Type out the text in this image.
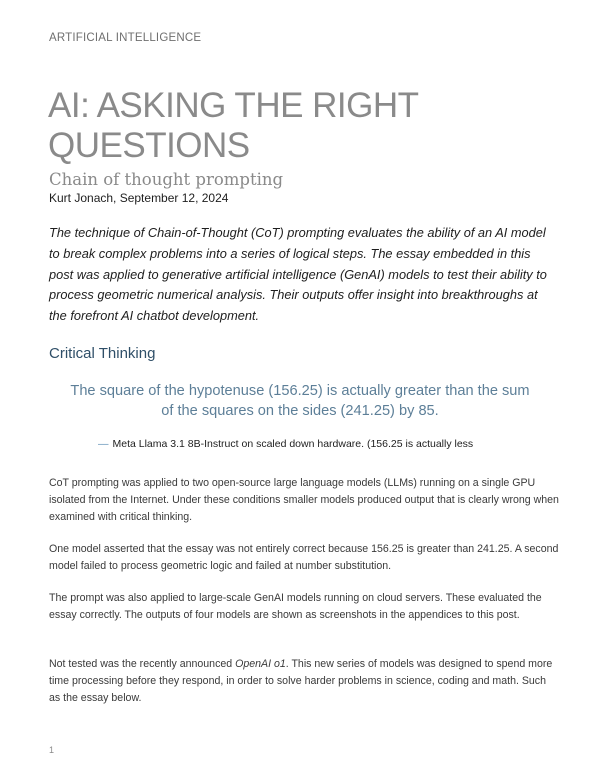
ARTIFICIAL INTELLIGENCE
AI: ASKING THE RIGHT QUESTIONS
Chain of thought prompting
Kurt Jonach, September 12, 2024
The technique of Chain-of-Thought (CoT) prompting evaluates the ability of an AI model to break complex problems into a series of logical steps. The essay embedded in this post was applied to generative artificial intelligence (GenAI) models to test their ability to process geometric numerical analysis. Their outputs offer insight into breakthroughs at the forefront AI chatbot development.
Critical Thinking
The square of the hypotenuse (156.25) is actually greater than the sum of the squares on the sides (241.25) by 85.
— Meta Llama 3.1 8B-Instruct on scaled down hardware. (156.25 is actually less
CoT prompting was applied to two open-source large language models (LLMs) running on a single GPU isolated from the Internet. Under these conditions smaller models produced output that is clearly wrong when examined with critical thinking.
One model asserted that the essay was not entirely correct because 156.25 is greater than 241.25. A second model failed to process geometric logic and failed at number substitution.
The prompt was also applied to large-scale GenAI models running on cloud servers. These evaluated the essay correctly. The outputs of four models are shown as screenshots in the appendices to this post.
Not tested was the recently announced OpenAI o1. This new series of models was designed to spend more time processing before they respond, in order to solve harder problems in science, coding and math. Such as the essay below.
1
